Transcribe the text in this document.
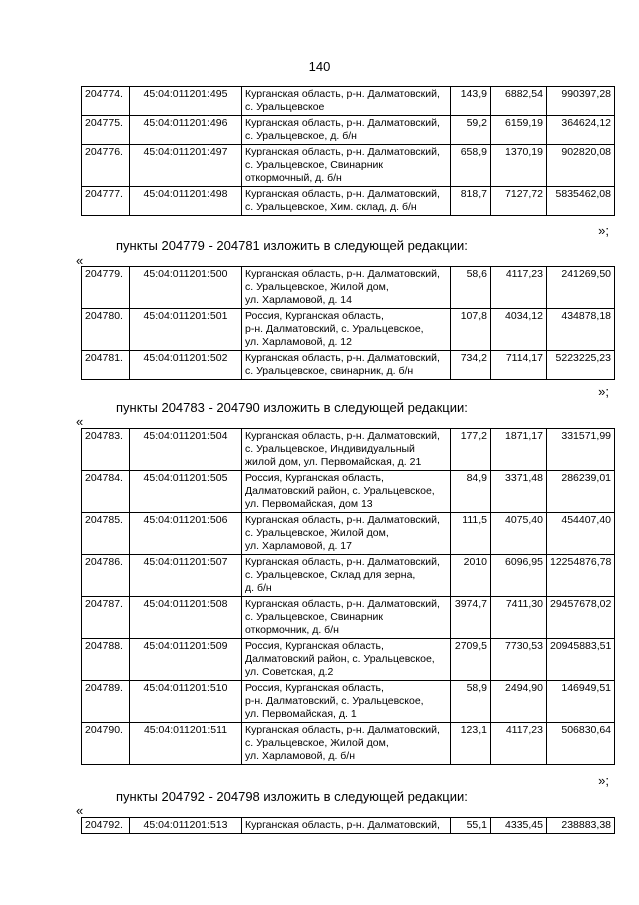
140
204774.	45:04:011201:495	Курганская область, р-н. Далматовский,
с. Уральцевское	143,9	6882,54	990397,28
204775.	45:04:011201:496	Курганская область, р-н. Далматовский,
с. Уральцевское, д. б/н	59,2	6159,19	364624,12
204776.	45:04:011201:497	Курганская область, р-н. Далматовский,
с. Уральцевское, Свинарник
откормочный, д. б/н	658,9	1370,19	902820,08
204777.	45:04:011201:498	Курганская область, р-н. Далматовский,
с. Уральцевское, Хим. склад, д. б/н	818,7	7127,72	5835462,08
»;
пункты 204779 - 204781 изложить в следующей редакции:
«
204779.	45:04:011201:500	Курганская область, р-н. Далматовский,
с. Уральцевское, Жилой дом,
ул. Харламовой, д. 14	58,6	4117,23	241269,50
204780.	45:04:011201:501	Россия, Курганская область,
р-н. Далматовский, с. Уральцевское,
ул. Харламовой, д. 12	107,8	4034,12	434878,18
204781.	45:04:011201:502	Курганская область, р-н. Далматовский,
с. Уральцевское, свинарник, д. б/н	734,2	7114,17	5223225,23
»;
пункты 204783 - 204790 изложить в следующей редакции:
«
204783.	45:04:011201:504	Курганская область, р-н. Далматовский,
с. Уральцевское, Индивидуальный
жилой дом, ул. Первомайская, д. 21	177,2	1871,17	331571,99
204784.	45:04:011201:505	Россия, Курганская область,
Далматовский район, с. Уральцевское,
ул. Первомайская, дом 13	84,9	3371,48	286239,01
204785.	45:04:011201:506	Курганская область, р-н. Далматовский,
с. Уральцевское, Жилой дом,
ул. Харламовой, д. 17	111,5	4075,40	454407,40
204786.	45:04:011201:507	Курганская область, р-н. Далматовский,
с. Уральцевское, Склад для зерна,
д. б/н	2010	6096,95	12254876,78
204787.	45:04:011201:508	Курганская область, р-н. Далматовский,
с. Уральцевское, Свинарник
откормочник, д. б/н	3974,7	7411,30	29457678,02
204788.	45:04:011201:509	Россия, Курганская область,
Далматовский район, с. Уральцевское,
ул. Советская, д.2	2709,5	7730,53	20945883,51
204789.	45:04:011201:510	Россия, Курганская область,
р-н. Далматовский, с. Уральцевское,
ул. Первомайская, д. 1	58,9	2494,90	146949,51
204790.	45:04:011201:511	Курганская область, р-н. Далматовский,
с. Уральцевское, Жилой дом,
ул. Харламовой, д. б/н	123,1	4117,23	506830,64
»;
пункты 204792 - 204798 изложить в следующей редакции:
«
204792.	45:04:011201:513	Курганская область, р-н. Далматовский,	55,1	4335,45	238883,38
